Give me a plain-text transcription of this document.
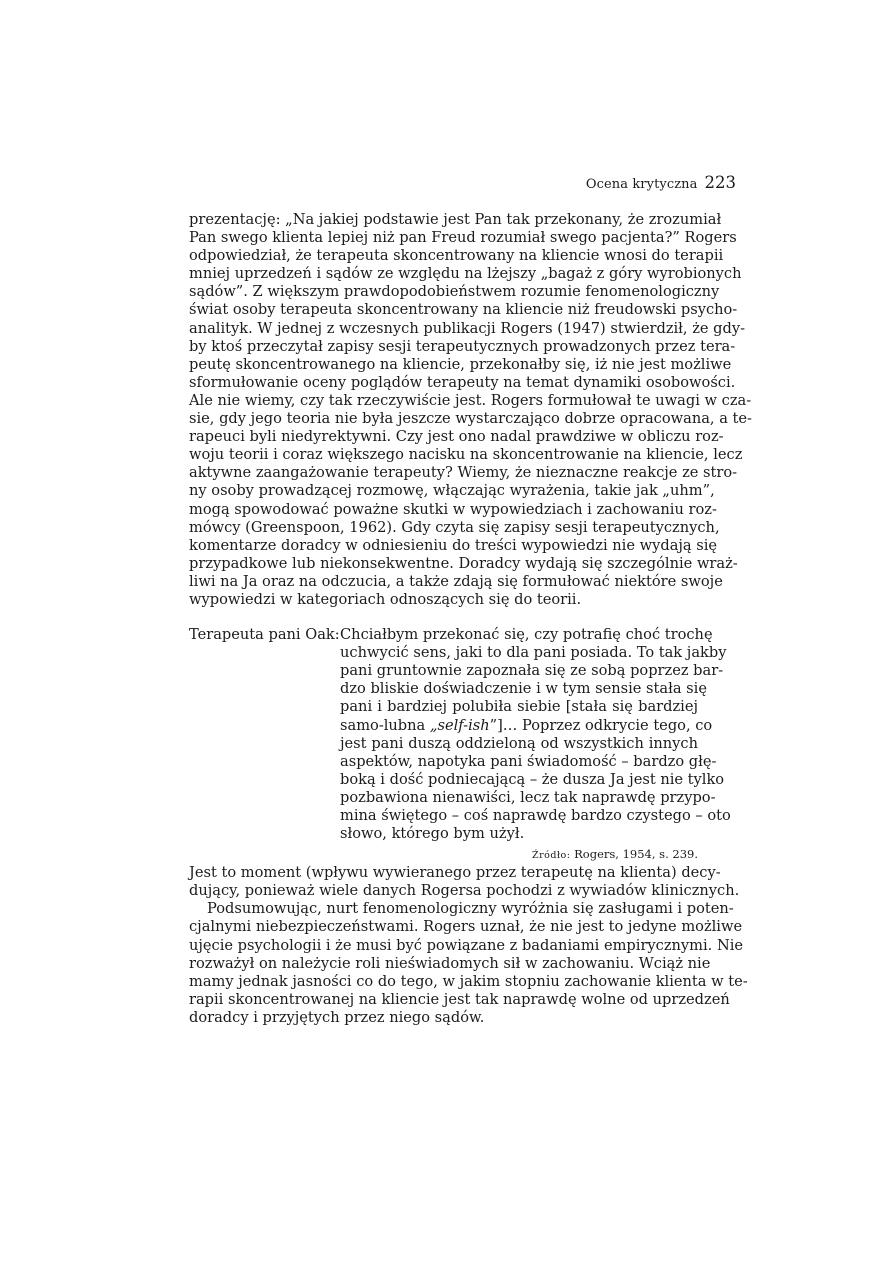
Ocena krytyczna 223

prezentację: „Na jakiej podstawie jest Pan tak przekonany, że zrozumiał
Pan swego klienta lepiej niż pan Freud rozumiał swego pacjenta?” Rogers
odpowiedział, że terapeuta skoncentrowany na kliencie wnosi do terapii
mniej uprzedzeń i sądów ze względu na lżejszy „bagaż z góry wyrobionych
sądów”. Z większym prawdopodobieństwem rozumie fenomenologiczny
świat osoby terapeuta skoncentrowany na kliencie niż freudowski psycho-
analityk. W jednej z wczesnych publikacji Rogers (1947) stwierdził, że gdy-
by ktoś przeczytał zapisy sesji terapeutycznych prowadzonych przez tera-
peutę skoncentrowanego na kliencie, przekonałby się, iż nie jest możliwe
sformułowanie oceny poglądów terapeuty na temat dynamiki osobowości.
Ale nie wiemy, czy tak rzeczywiście jest. Rogers formułował te uwagi w cza-
sie, gdy jego teoria nie była jeszcze wystarczająco dobrze opracowana, a te-
rapeuci byli niedyrektywni. Czy jest ono nadal prawdziwe w obliczu roz-
woju teorii i coraz większego nacisku na skoncentrowanie na kliencie, lecz
aktywne zaangażowanie terapeuty? Wiemy, że nieznaczne reakcje ze stro-
ny osoby prowadzącej rozmowę, włączając wyrażenia, takie jak „uhm”,
mogą spowodować poważne skutki w wypowiedziach i zachowaniu roz-
mówcy (Greenspoon, 1962). Gdy czyta się zapisy sesji terapeutycznych,
komentarze doradcy w odniesieniu do treści wypowiedzi nie wydają się
przypadkowe lub niekonsekwentne. Doradcy wydają się szczególnie wraż-
liwi na Ja oraz na odczucia, a także zdają się formułować niektóre swoje
wypowiedzi w kategoriach odnoszących się do teorii.

Terapeuta pani Oak: Chciałbym przekonać się, czy potrafię choć trochę
uchwycić sens, jaki to dla pani posiada. To tak jakby
pani gruntownie zapoznała się ze sobą poprzez bar-
dzo bliskie doświadczenie i w tym sensie stała się
pani i bardziej polubiła siebie [stała się bardziej
samo-lubna „self-ish”]… Poprzez odkrycie tego, co
jest pani duszą oddzieloną od wszystkich innych
aspektów, napotyka pani świadomość – bardzo głę-
boką i dość podniecającą – że dusza Ja jest nie tylko
pozbawiona nienawiści, lecz tak naprawdę przypo-
mina świętego – coś naprawdę bardzo czystego – oto
słowo, którego bym użył.
Źródło: Rogers, 1954, s. 239.

Jest to moment (wpływu wywieranego przez terapeutę na klienta) decy-
dujący, ponieważ wiele danych Rogersa pochodzi z wywiadów klinicznych.

Podsumowując, nurt fenomenologiczny wyróżnia się zasługami i poten-
cjalnymi niebezpieczeństwami. Rogers uznał, że nie jest to jedyne możliwe
ujęcie psychologii i że musi być powiązane z badaniami empirycznymi. Nie
rozważył on należycie roli nieświadomych sił w zachowaniu. Wciąż nie
mamy jednak jasności co do tego, w jakim stopniu zachowanie klienta w te-
rapii skoncentrowanej na kliencie jest tak naprawdę wolne od uprzedzeń
doradcy i przyjętych przez niego sądów.
